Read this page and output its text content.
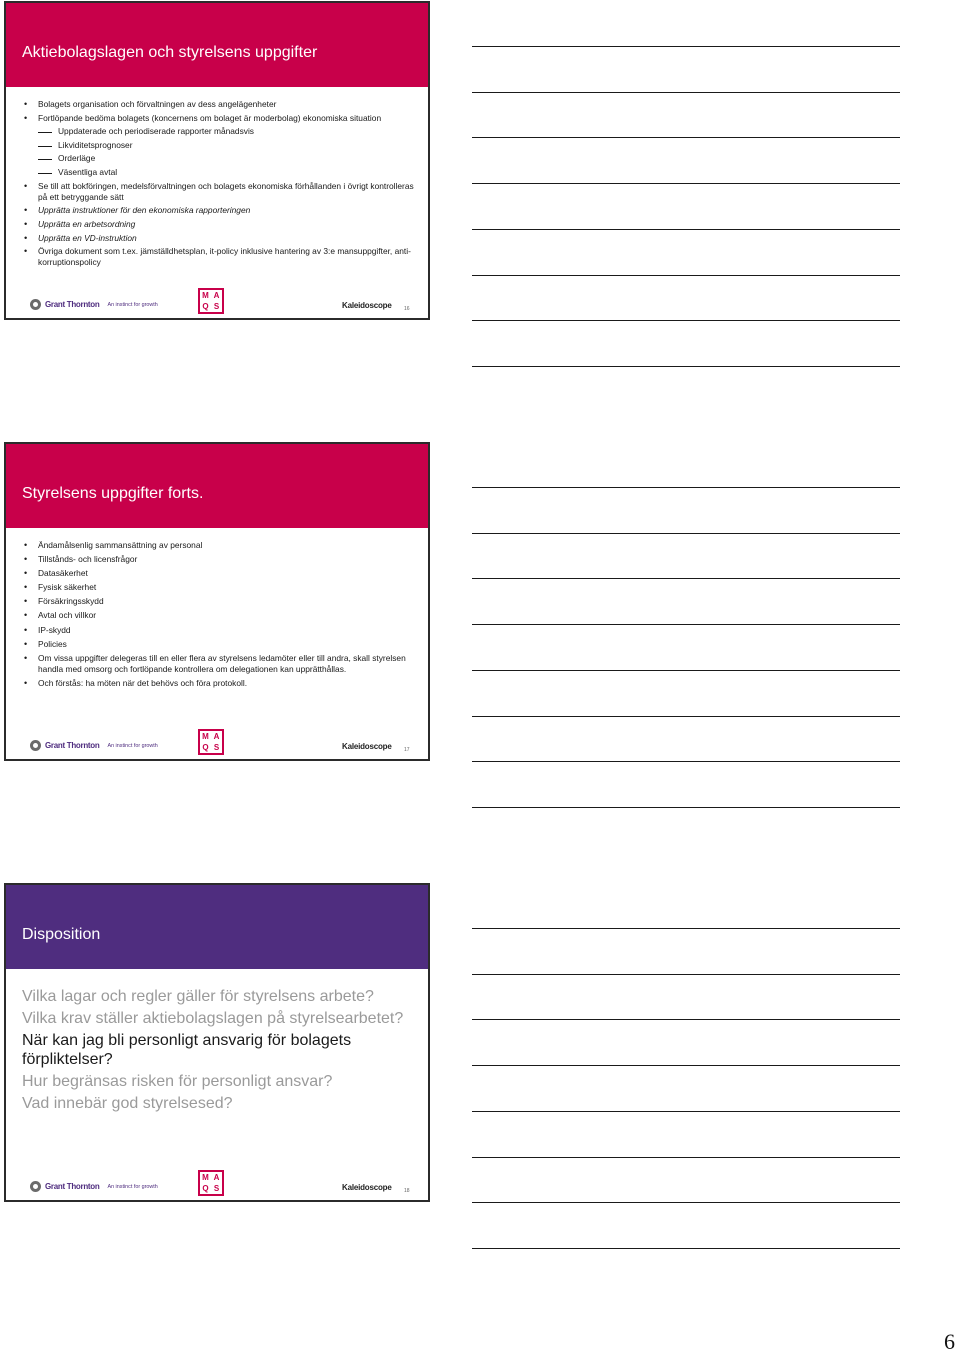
Aktiebolagslagen och styrelsens uppgifter
• Bolagets organisation och förvaltningen av dess angelägenheter
• Fortlöpande bedöma bolagets (koncernens om bolaget är moderbolag) ekonomiska situation
Uppdaterade och periodiserade rapporter månadsvis
Likviditetsprognoser
Orderläge
Väsentliga avtal
• Se till att bokföringen, medelsförvaltningen och bolagets ekonomiska förhållanden i övrigt kontrolleras på ett betryggande sätt
• Upprätta instruktioner för den ekonomiska rapporteringen
• Upprätta en arbetsordning
• Upprätta en VD-instruktion
• Övriga dokument som t.ex. jämställdhetsplan, it-policy inklusive hantering av 3:e mansuppgifter, anti-korruptionspolicy
Grant Thornton An instinct for growth
M A
Q S	Kaleidoscope 16
Styrelsens uppgifter forts.
• Ändamålsenlig sammansättning av personal
• Tillstånds- och licensfrågor
• Datasäkerhet
• Fysisk säkerhet
• Försäkringsskydd
• Avtal och villkor
• IP-skydd
• Policies
• Om vissa uppgifter delegeras till en eller flera av styrelsens ledamöter eller till andra, skall styrelsen handla med omsorg och fortlöpande kontrollera om delegationen kan upprätthållas.
• Och förstås: ha möten när det behövs och föra protokoll.
Grant Thornton An instinct for growth
M A
Q S	Kaleidoscope 17
Disposition

Vilka lagar och regler gäller för styrelsens arbete?

Vilka krav ställer aktiebolagslagen på styrelsearbetet?

När kan jag bli personligt ansvarig för bolagets förpliktelser?

Hur begränsas risken för personligt ansvar?

Vad innebär god styrelsesed?

Grant Thornton An instinct for growth
M A
Q S	Kaleidoscope 18
6
